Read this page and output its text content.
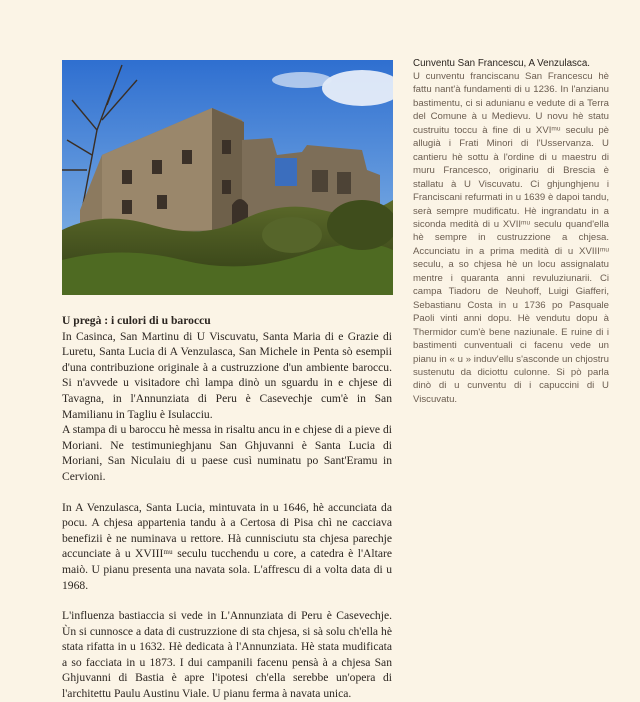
U pregà : i culori di u baroccu

In Casinca, San Martinu di U Viscuvatu, Santa Maria di e Grazie di Luretu, Santa Lucia di A Venzulasca, San Michele in Penta sò esempii d'una contribuzione originale à a custruzzione d'un ambiente baroccu. Si n'avvede u visitadore chì lampa dinò un sguardu in e chjese di Tavagna, in l'Annunziata di Peru è Casevechje cum'è in San Mamilianu in Tagliu è Isulacciu.

A stampa di u baroccu hè messa in risaltu ancu in e chjese di a pieve di Moriani. Ne testimunieghjanu San Ghjuvanni è Santa Lucia di Moriani, San Niculaiu di u paese cusì numinatu po Sant'Eramu in Cervioni.

In A Venzulasca, Santa Lucia, mintuvata in u 1646, hè accunciata da pocu. A chjesa appartenia tandu à a Certosa di Pisa chì ne cacciava benefizii è ne numinava u rettore. Hà cunnisciutu sta chjesa parechje accunciate à u XVIIIᵐᵘ seculu tucchendu u core, a catedra è l'Altare maiò. U pianu presenta una navata sola. L'affrescu di a volta data di u 1968.

L'influenza bastiaccia si vede in L'Annunziata di Peru è Casevechje. Ùn si cunnosce a data di custruzzione di sta chjesa, si sà solu ch'ella hè stata rifatta in u 1632. Hè dedicata à l'Annunziata. Hè stata mudificata a so facciata in u 1873. I dui campanili facenu pensà à a chjesa San Ghjuvanni di Bastia è apre l'ipotesi ch'ella serebbe un'opera di l'architettu Paulu Austinu Viale. U pianu ferma à navata unica.

Cunventu San Francescu, A Venzulasca.

U cunventu franciscanu San Francescu hè fattu nant'à fundamenti di u 1236. In l'anzianu bastimentu, ci si adunianu e vedute di a Terra del Comune à u Medievu. U novu hè statu custruitu toccu à fine di u XVIᵐᵘ seculu pè allugià i Frati Minori di l'Usservanza. U cantieru hè sottu à l'ordine di u maestru di muru Francesco, originariu di Brescia è stallatu à U Viscuvatu. Ci ghjunghjenu i Franciscani refurmati in u 1639 è dapoi tandu, serà sempre mudificatu. Hè ingrandatu in a siconda medità di u XVIIᵐᵘ seculu quand'ella hè sempre in custruzzione a chjesa. Accunciatu in a prima medità di u XVIIIᵐᵘ seculu, a so chjesa hè un locu assignalatu mentre i quaranta anni revuluziunarii. Ci campa Tiadoru de Neuhoff, Luigi Giafferi, Sebastianu Costa in u 1736 po Pasquale Paoli vinti anni dopu. Hè vendutu dopu à Thermidor cum'è bene naziunale. E ruine di i bastimenti cunventuali ci facenu vede un pianu in « u » induv'ellu s'asconde un chjostru sustenutu da diciottu culonne. Si pò parla dinò di u cunventu di i capuccini di U Viscuvatu.
